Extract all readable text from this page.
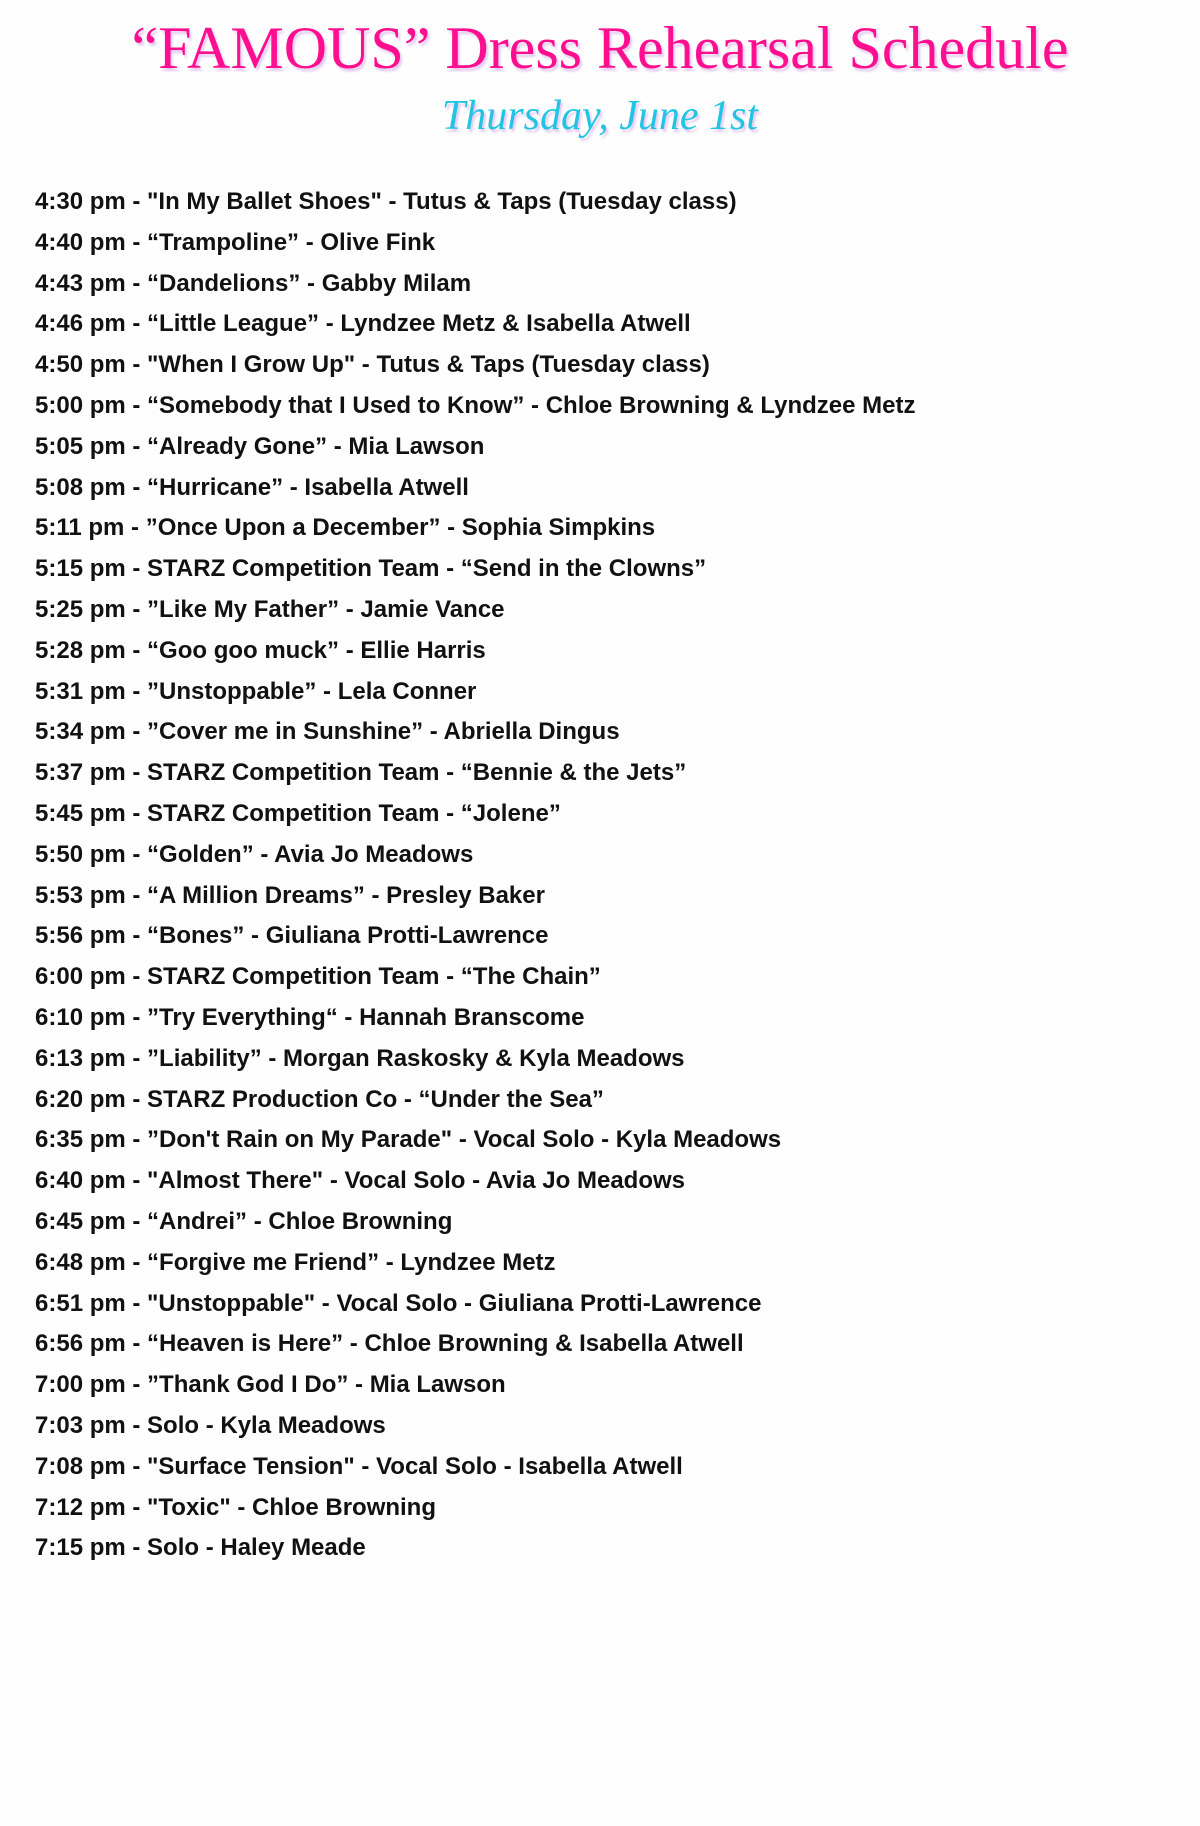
“FAMOUS” Dress Rehearsal Schedule
Thursday, June 1st
4:30 pm - "In My Ballet Shoes" - Tutus & Taps (Tuesday class)
4:40 pm - “Trampoline” - Olive Fink
4:43 pm - “Dandelions” - Gabby Milam
4:46 pm - “Little League” - Lyndzee Metz & Isabella Atwell
4:50 pm - "When I Grow Up" - Tutus & Taps (Tuesday class)
5:00 pm - “Somebody that I Used to Know” - Chloe Browning & Lyndzee Metz
5:05 pm - “Already Gone” - Mia Lawson
5:08 pm - “Hurricane” - Isabella Atwell
5:11 pm - ”Once Upon a December” - Sophia Simpkins
5:15 pm - STARZ Competition Team - “Send in the Clowns”
5:25 pm - ”Like My Father” - Jamie Vance
5:28 pm - “Goo goo muck” - Ellie Harris
5:31 pm - ”Unstoppable” - Lela Conner
5:34 pm - ”Cover me in Sunshine” - Abriella Dingus
5:37 pm - STARZ Competition Team - “Bennie & the Jets”
5:45 pm - STARZ Competition Team - “Jolene”
5:50 pm - “Golden” - Avia Jo Meadows
5:53 pm - “A Million Dreams” - Presley Baker
5:56 pm - “Bones” - Giuliana Protti-Lawrence
6:00 pm - STARZ Competition Team - “The Chain”
6:10 pm - ”Try Everything“ - Hannah Branscome
6:13 pm - ”Liability” - Morgan Raskosky & Kyla Meadows
6:20 pm - STARZ Production Co - “Under the Sea”
6:35 pm - ”Don't Rain on My Parade" - Vocal Solo - Kyla Meadows
6:40 pm - "Almost There" - Vocal Solo - Avia Jo Meadows
6:45 pm - “Andrei” - Chloe Browning
6:48 pm - “Forgive me Friend” - Lyndzee Metz
6:51 pm - "Unstoppable" - Vocal Solo - Giuliana Protti-Lawrence
6:56 pm - “Heaven is Here” - Chloe Browning & Isabella Atwell
7:00 pm - ”Thank God I Do” - Mia Lawson
7:03 pm - Solo - Kyla Meadows
7:08 pm - "Surface Tension" - Vocal Solo - Isabella Atwell
7:12 pm - "Toxic" - Chloe Browning
7:15 pm - Solo - Haley Meade
